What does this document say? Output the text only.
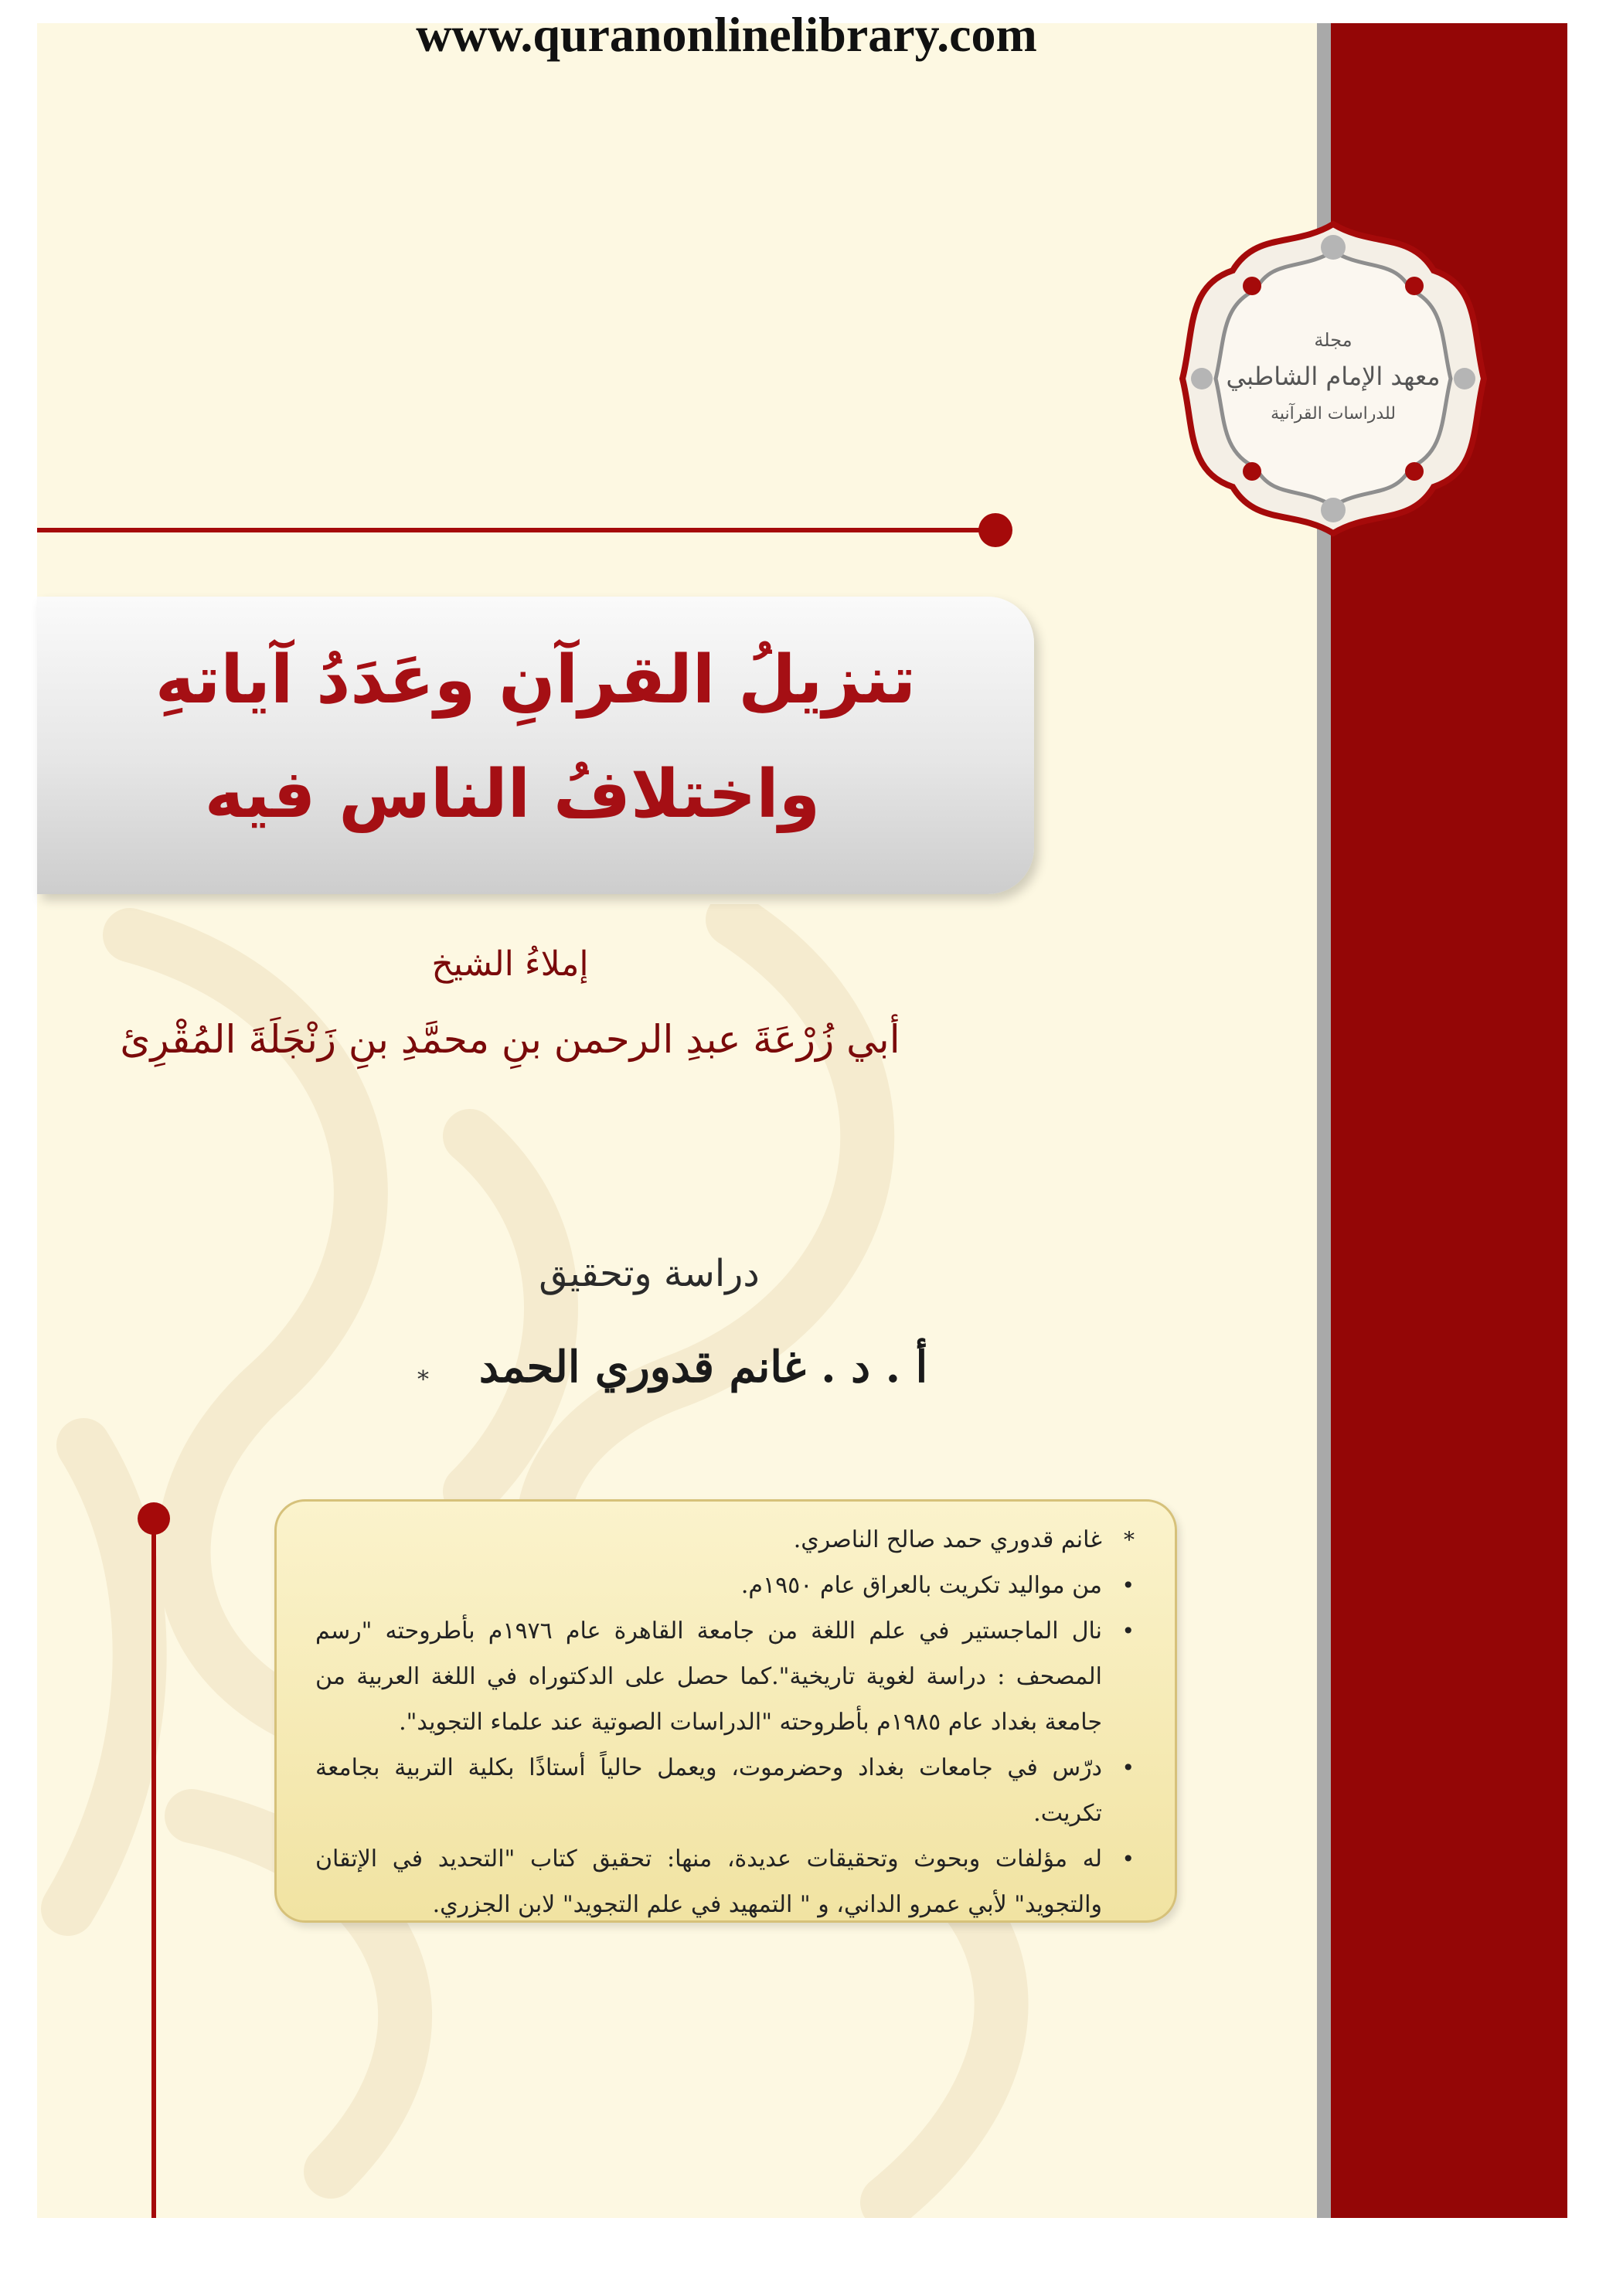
www.quranonlinelibrary.com
مجلة
معهد الإمام الشاطبي
للدراسات القرآنية
تنزيلُ القرآنِ وعَدَدُ آياتهِ
واختلافُ الناس فيه
إملاءُ الشيخ
أبي زُرْعَةَ عبدِ الرحمن بنِ محمَّدِ بنِ زَنْجَلَةَ المُقْرِئ
دراسة وتحقيق
أ . د . غانم قدوري الحمد
*
*
غانم قدوري حمد صالح الناصري.
•
من مواليد تكريت بالعراق عام ١٩٥٠م.
•
نال الماجستير في علم اللغة من جامعة القاهرة عام ١٩٧٦م بأطروحته "رسم المصحف : دراسة لغوية تاريخية".كما حصل على الدكتوراه في اللغة العربية من جامعة بغداد عام ١٩٨٥م بأطروحته "الدراسات الصوتية عند علماء التجويد".
•
درّس في جامعات بغداد وحضرموت، ويعمل حالياً أستاذًا بكلية التربية بجامعة تكريت.
•
له مؤلفات وبحوث وتحقيقات عديدة، منها: تحقيق كتاب "التحديد في الإتقان والتجويد" لأبي عمرو الداني، و " التمهيد في علم التجويد" لابن الجزري.
